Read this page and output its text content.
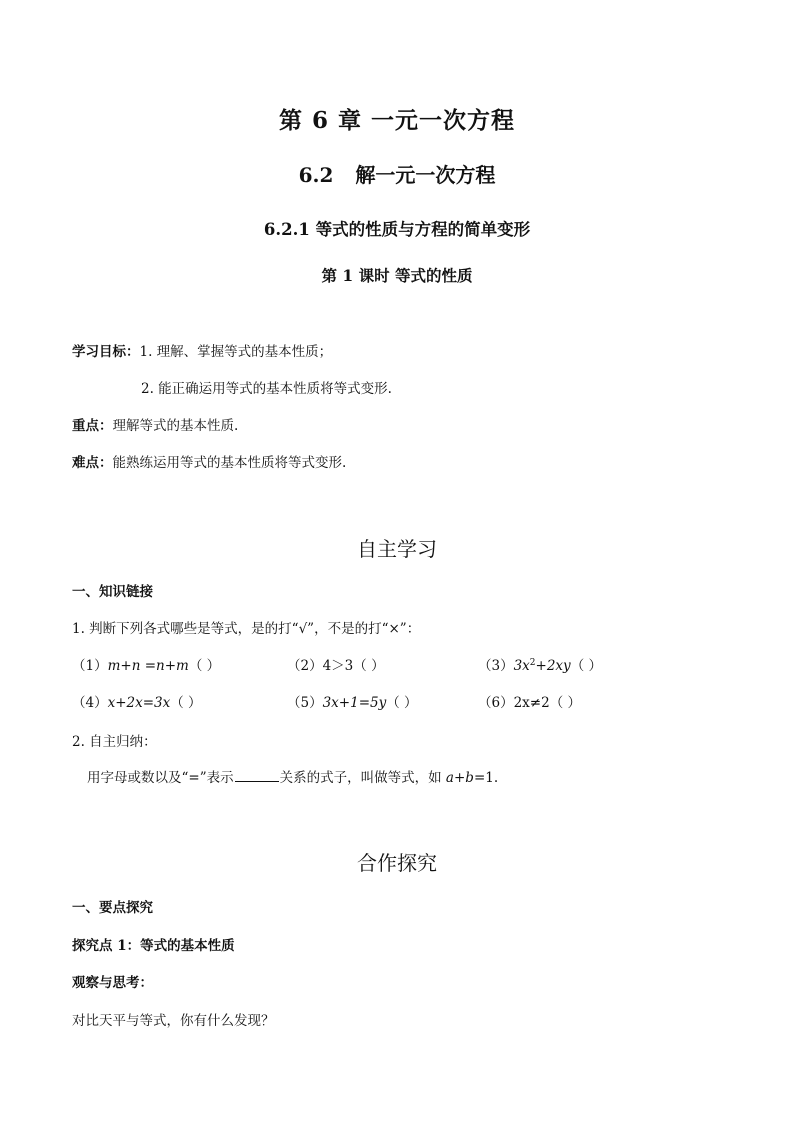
第 6 章 一元一次方程
6.2 解一元一次方程
6.2.1 等式的性质与方程的简单变形
第 1 课时 等式的性质
学习目标：1. 理解、掌握等式的基本性质；
2. 能正确运用等式的基本性质将等式变形.
重点：理解等式的基本性质.
难点：能熟练运用等式的基本性质将等式变形.
自主学习
一、知识链接
1. 判断下列各式哪些是等式，是的打“√”，不是的打“×”：
（1）m+n =n+m（ ）	（2）4＞3（ ）	$(3)3x^2+2xy$（ ）
（4）x+2x=3x（ ）	（5）3x+1=5y（ ）	（6）2x≠2（ ）
2. 自主归纳：
用字母或数以及“=”表示	关系的式子，叫做等式，如 a+b=1.
合作探究
一、要点探究
探究点 1：等式的基本性质
观察与思考：
对比天平与等式，你有什么发现？
